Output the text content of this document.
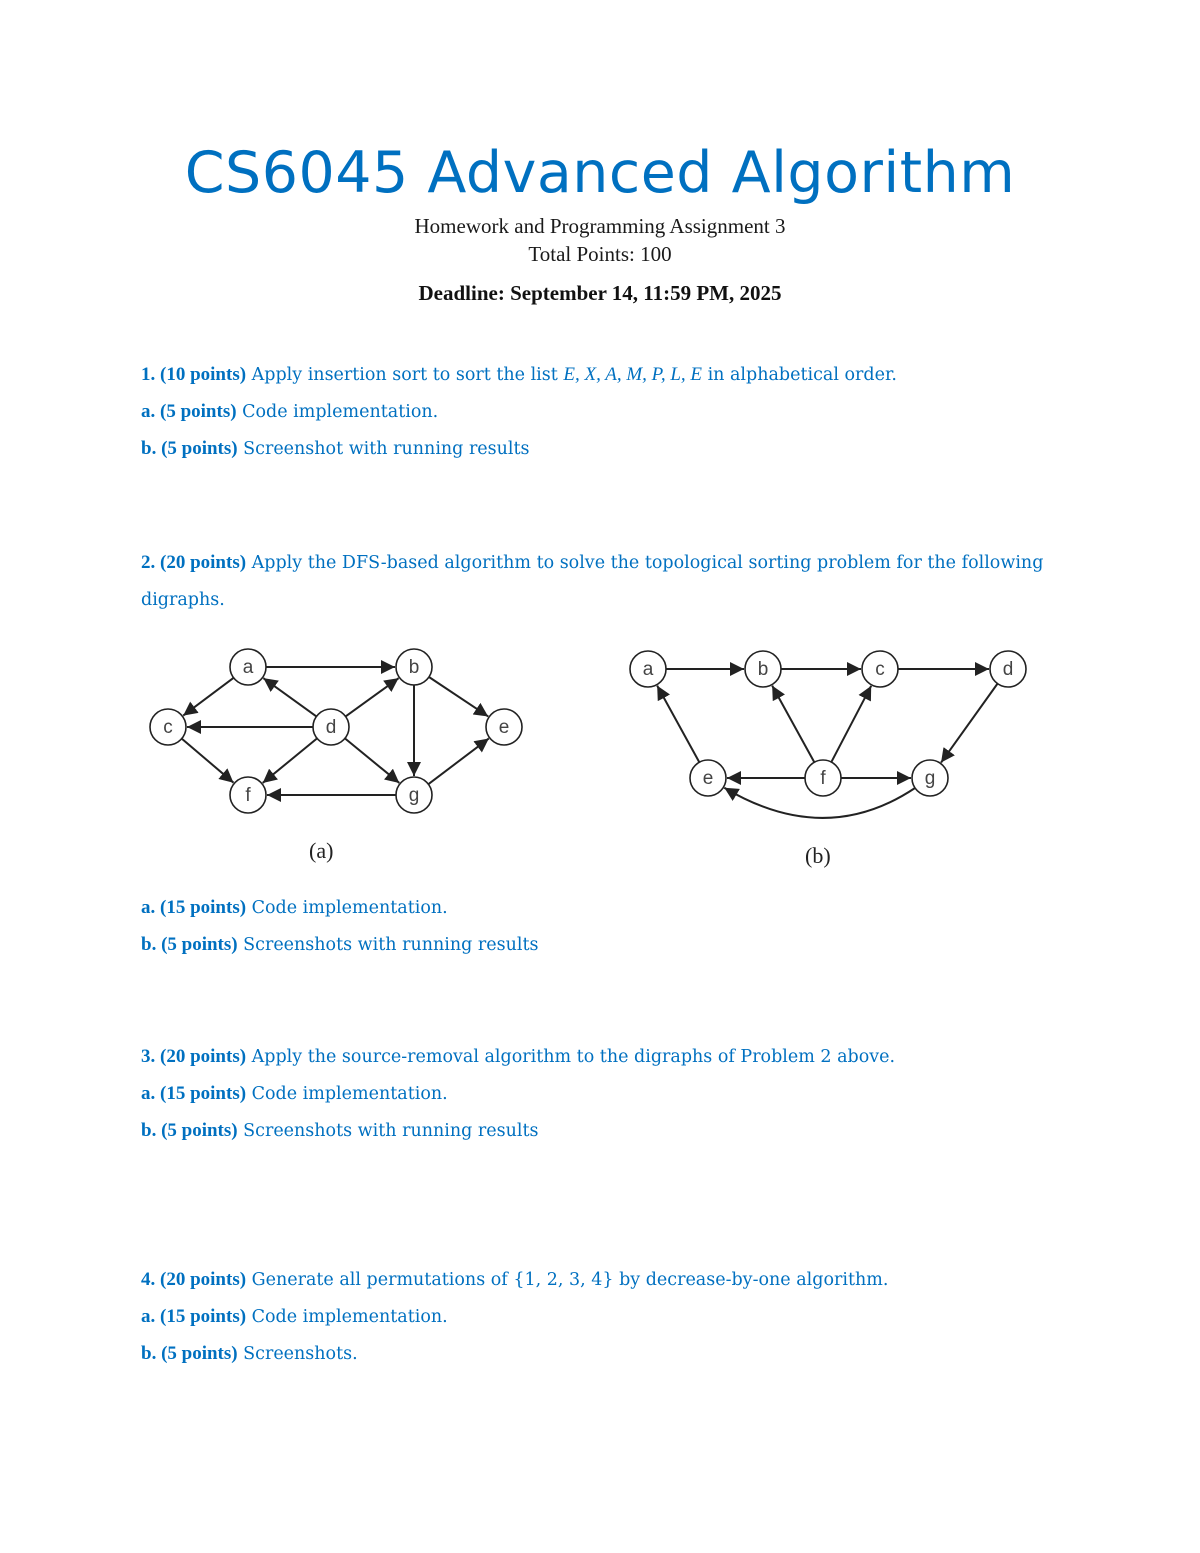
CS6045 Advanced Algorithm
Homework and Programming Assignment 3
Total Points: 100
Deadline: September 14, 11:59 PM, 2025
1. (10 points) Apply insertion sort to sort the list E, X, A, M, P, L, E in alphabetical order.
a. (5 points) Code implementation.
b. (5 points) Screenshot with running results
2. (20 points) Apply the DFS-based algorithm to solve the topological sorting problem for the following digraphs.
a	b
c	d	e
f	g
(a)
a	b	c	d
e	f	g
(b)
a. (15 points) Code implementation.
b. (5 points) Screenshots with running results
3. (20 points) Apply the source-removal algorithm to the digraphs of Problem 2 above.
a. (15 points) Code implementation.
b. (5 points) Screenshots with running results
4. (20 points) Generate all permutations of {1, 2, 3, 4} by decrease-by-one algorithm.
a. (15 points) Code implementation.
b. (5 points) Screenshots.
